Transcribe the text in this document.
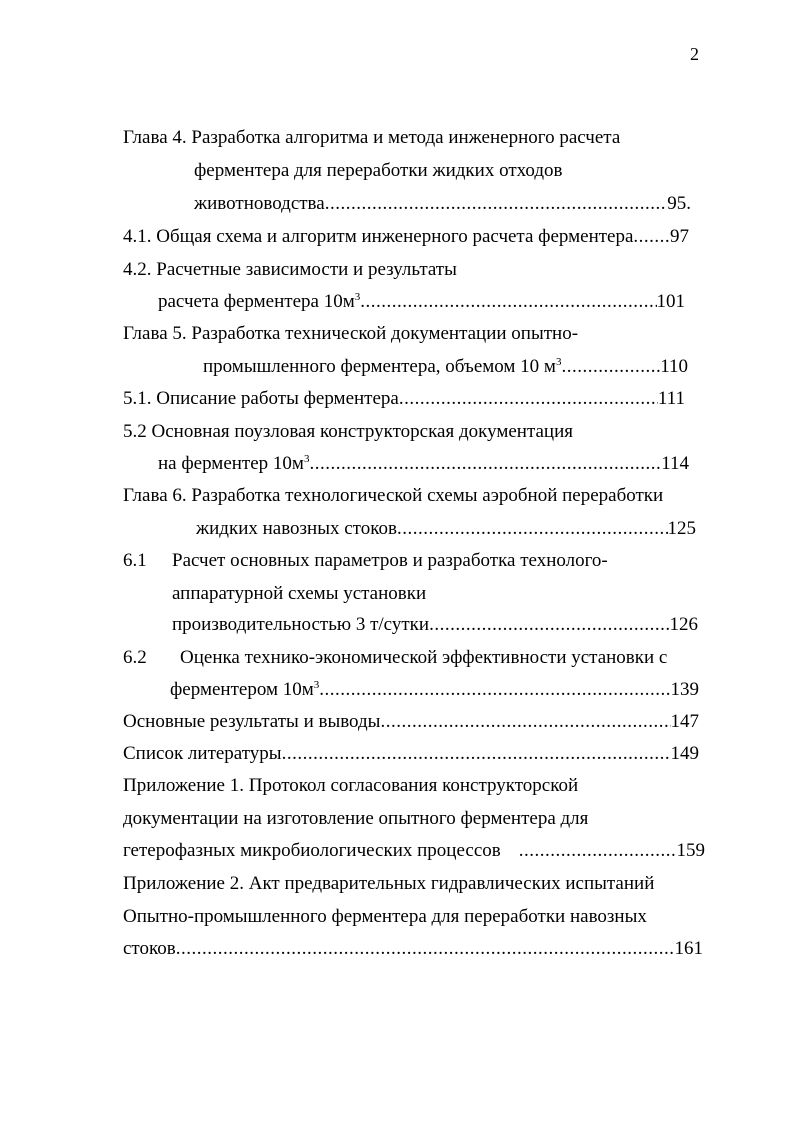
2
Глава 4. Разработка алгоритма и метода инженерного расчета
ферментера для переработки жидких отходов
животноводства .....	95.
4.1. Общая схема и алгоритм инженерного расчета ферментера ..... 97
4.2. Расчетные зависимости и результаты
расчета ферментера $10м^3$ .....	101
Глава 5. Разработка технической документации опытно-
промышленного ферментера, объемом 10 $м^3$ .....	110
5.1. Описание работы ферментера .....	111
5.2 Основная поузловая конструкторская документация
на ферментер $10м^3$ .....	114
Глава 6. Разработка технологической схемы аэробной переработки
жидких навозных стоков .....	125
6.1 Расчет основных параметров и разработка технолого-
аппаратурной схемы установки
производительностью 3 т/сутки .....	126
6.2 Оценка технико-экономической эффективности установки с
ферментером $10м^3$ .....	139
Основные результаты и выводы .....	147
Список литературы .....	149
Приложение 1. Протокол согласования конструкторской
документации на изготовление опытного ферментера для
гетерофазных микробиологических процессов .....	159
Приложение 2. Акт предварительных гидравлических испытаний
Опытно-промышленного ферментера для переработки навозных
стоков .....	161
